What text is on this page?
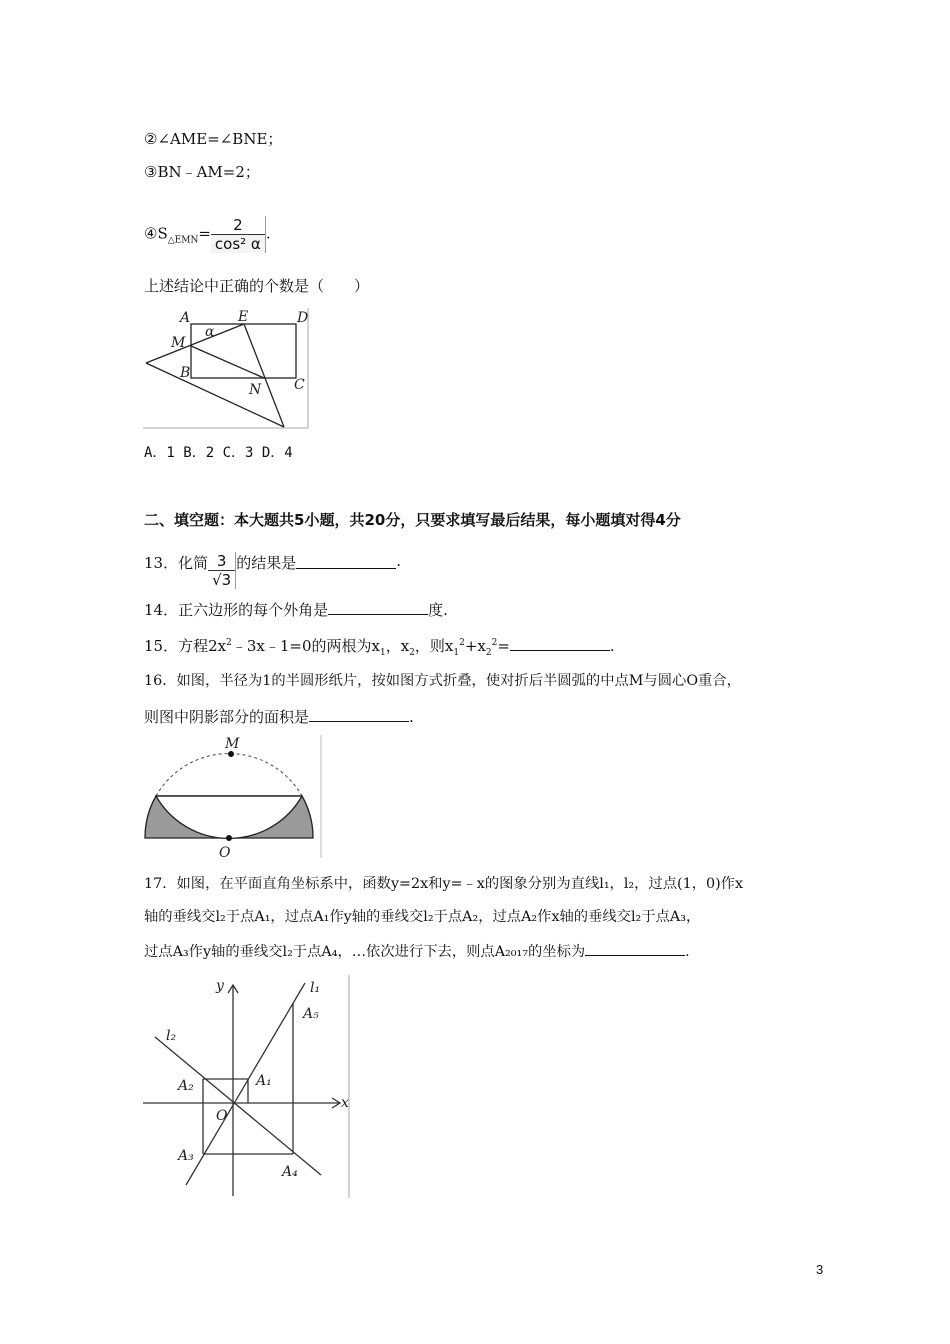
②∠AME=∠BNE；
③BN﹣AM=2；
$④S_{\triangle EMN}= \frac{2}{\text{cos² α}}$ .
上述结论中正确的个数是（　　）
A	E	D
M
B
N C
α
M
O
y
x
l₁
l₂
A₁
A₂
A₃
A₄
A₅
O
A．1 B．2 C．3 D．4
二、填空题：本大题共5小题，共20分，只要求填写最后结果，每小题填对得4分
13．化简 $\frac{3}{√3}$ 的结果是	.
14．正六边形的每个外角是	度.
15．方程$2x^2﹣3x﹣1=0$的两根为$x_1$，$x_2$，则$x_1^2+x_2^2=$	.
16．如图，半径为1的半圆形纸片，按如图方式折叠，使对折后半圆弧的中点M与圆心O重合，
则图中阴影部分的面积是	.
17．如图，在平面直角坐标系中，函数y=2x和y=﹣x的图象分别为直线l₁，l₂，过点(1，0)作x
轴的垂线交l₂于点A₁，过点A₁作y轴的垂线交l₂于点A₂，过点A₂作x轴的垂线交l₂于点A₃，
过点A₃作y轴的垂线交l₂于点A₄，…依次进行下去，则点A₂₀₁₇的坐标为	.
3
